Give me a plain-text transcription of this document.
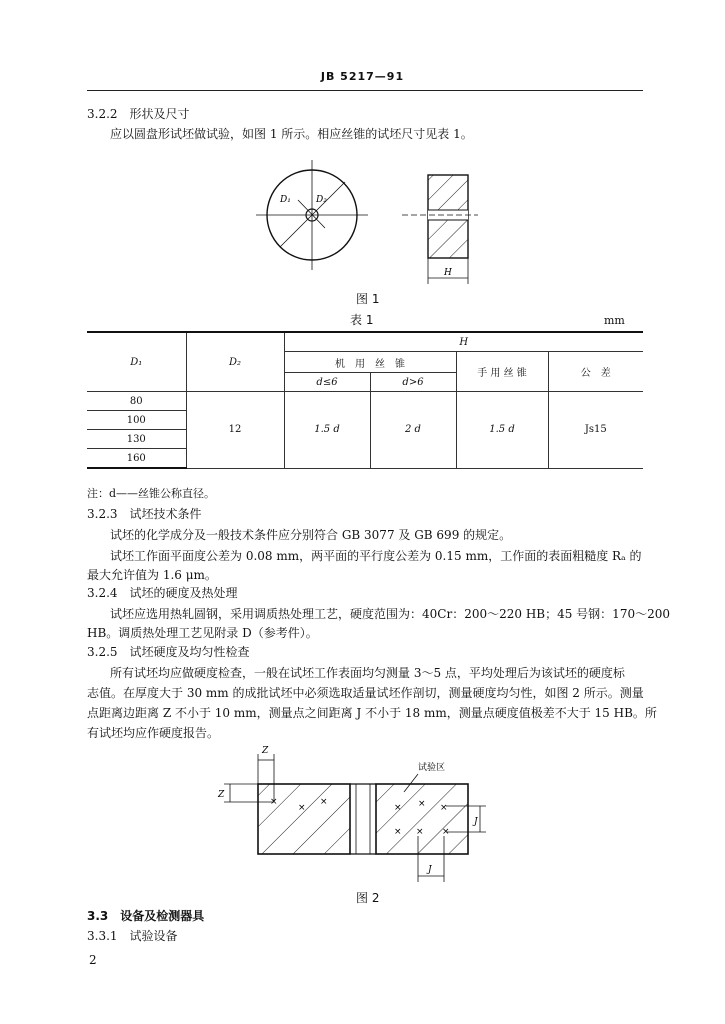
JB 5217—91
3.2.2　形状及尺寸
应以圆盘形试坯做试验，如图 1 所示。相应丝锥的试坯尺寸见表 1。
D₁	D₂
H
图 1
表 1	mm
D₁	D₂	H			
		机　用　丝　锥		手 用 丝 锥	公　差
		d≤6	d>6		
80	12	1.5 d	2 d	1.5 d	Js15
100					
130					
160					
注：d——丝锥公称直径。
3.2.3　试坯技术条件
试坯的化学成分及一般技术条件应分别符合 GB 3077 及 GB 699 的规定。
试坯工作面平面度公差为 0.08 mm，两平面的平行度公差为 0.15 mm，工作面的表面粗糙度 Rₐ 的
最大允许值为 1.6 μm。
3.2.4　试坯的硬度及热处理
试坯应选用热轧圆钢，采用调质热处理工艺，硬度范围为：40Cr：200～220 HB；45 号钢：170～200
HB。调质热处理工艺见附录 D（参考件）。
3.2.5　试坯硬度及均匀性检查
所有试坯均应做硬度检查，一般在试坯工作表面均匀测量 3～5 点，平均处理后为该试坯的硬度标
志值。在厚度大于 30 mm 的成批试坯中必须选取适量试坯作剖切，测量硬度均匀性，如图 2 所示。测量
点距离边距离 Z 不小于 10 mm，测量点之间距离 J 不小于 18 mm，测量点硬度值极差不大于 15 HB。所
有试坯均应作硬度报告。
Z
Z
试验区
×
×
×
× × ×
× × ×
J
J
图 2
3.3　设备及检测器具
3.3.1　试验设备
2
